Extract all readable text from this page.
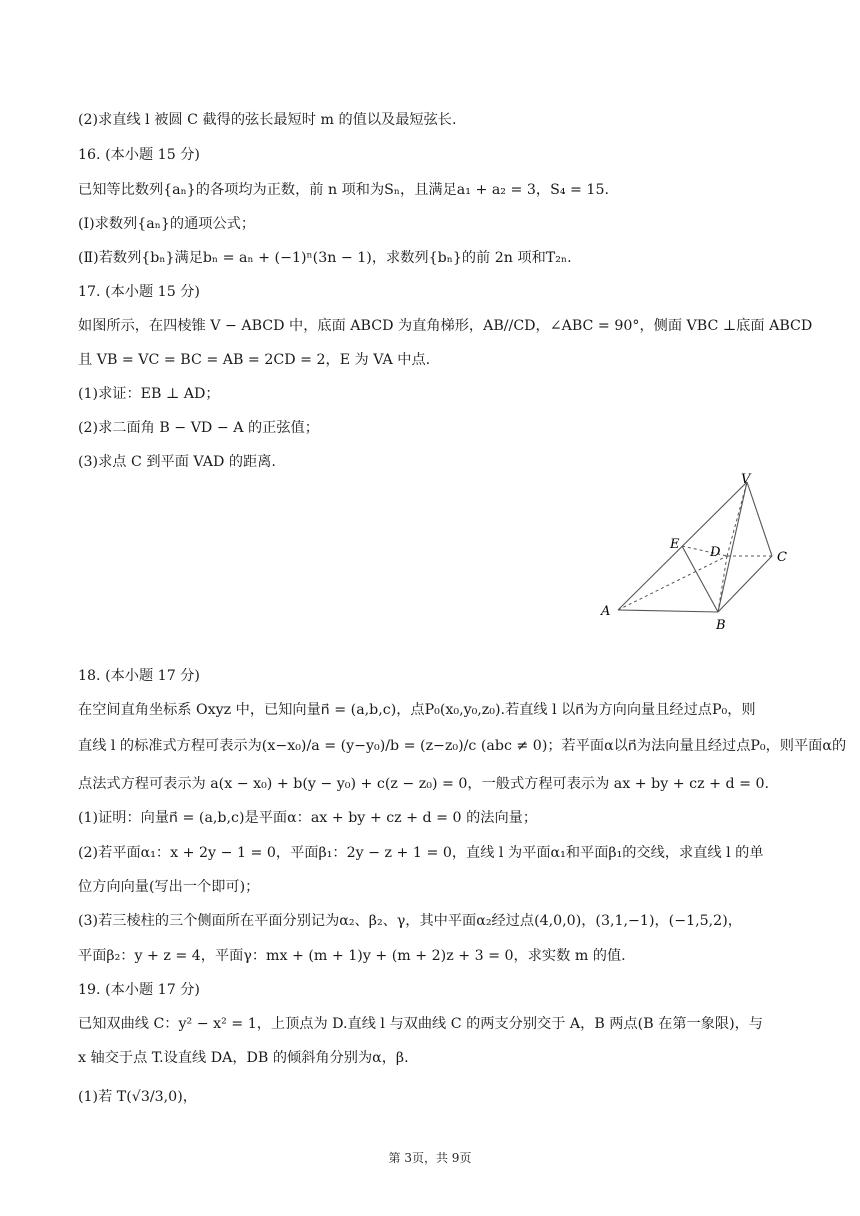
(2)求直线 l 被圆 C 截得的弦长最短时 m 的值以及最短弦长.
16. (本小题 15 分)
已知等比数列{aₙ}的各项均为正数，前 n 项和为Sₙ，且满足a₁ + a₂ = 3，S₄ = 15.
(Ⅰ)求数列{aₙ}的通项公式；
(Ⅱ)若数列{bₙ}满足bₙ = aₙ + (−1)ⁿ(3n − 1)，求数列{bₙ}的前 2n 项和T₂ₙ.
17. (本小题 15 分)
如图所示，在四棱锥 V − ABCD 中，底面 ABCD 为直角梯形，AB//CD，∠ABC = 90°，侧面 VBC ⊥底面 ABCD
且 VB = VC = BC = AB = 2CD = 2，E 为 VA 中点.
(1)求证：EB ⊥ AD；
(2)求二面角 B − VD − A 的正弦值；
(3)求点 C 到平面 VAD 的距离.
V
E
D	C
A
B
18. (本小题 17 分)
在空间直角坐标系 Oxyz 中，已知向量n⃗ = (a,b,c)，点P₀(x₀,y₀,z₀).若直线 l 以n⃗为方向向量且经过点P₀，则
直线 l 的标准式方程可表示为(x−x₀)/a = (y−y₀)/b = (z−z₀)/c (abc ≠ 0)；若平面α以n⃗为法向量且经过点P₀，则平面α的
点法式方程可表示为 a(x − x₀) + b(y − y₀) + c(z − z₀) = 0，一般式方程可表示为 ax + by + cz + d = 0.
(1)证明：向量n⃗ = (a,b,c)是平面α：ax + by + cz + d = 0 的法向量；
(2)若平面α₁：x + 2y − 1 = 0，平面β₁：2y − z + 1 = 0，直线 l 为平面α₁和平面β₁的交线，求直线 l 的单
位方向向量(写出一个即可)；
(3)若三棱柱的三个侧面所在平面分别记为α₂、β₂、γ，其中平面α₂经过点(4,0,0)，(3,1,−1)，(−1,5,2)，
平面β₂：y + z = 4，平面γ：mx + (m + 1)y + (m + 2)z + 3 = 0，求实数 m 的值.
19. (本小题 17 分)
已知双曲线 C：y² − x² = 1，上顶点为 D.直线 l 与双曲线 C 的两支分别交于 A，B 两点(B 在第一象限)，与
x 轴交于点 T.设直线 DA，DB 的倾斜角分别为α，β.
(1)若 T(√3/3,0)，
第 3页，共 9页
